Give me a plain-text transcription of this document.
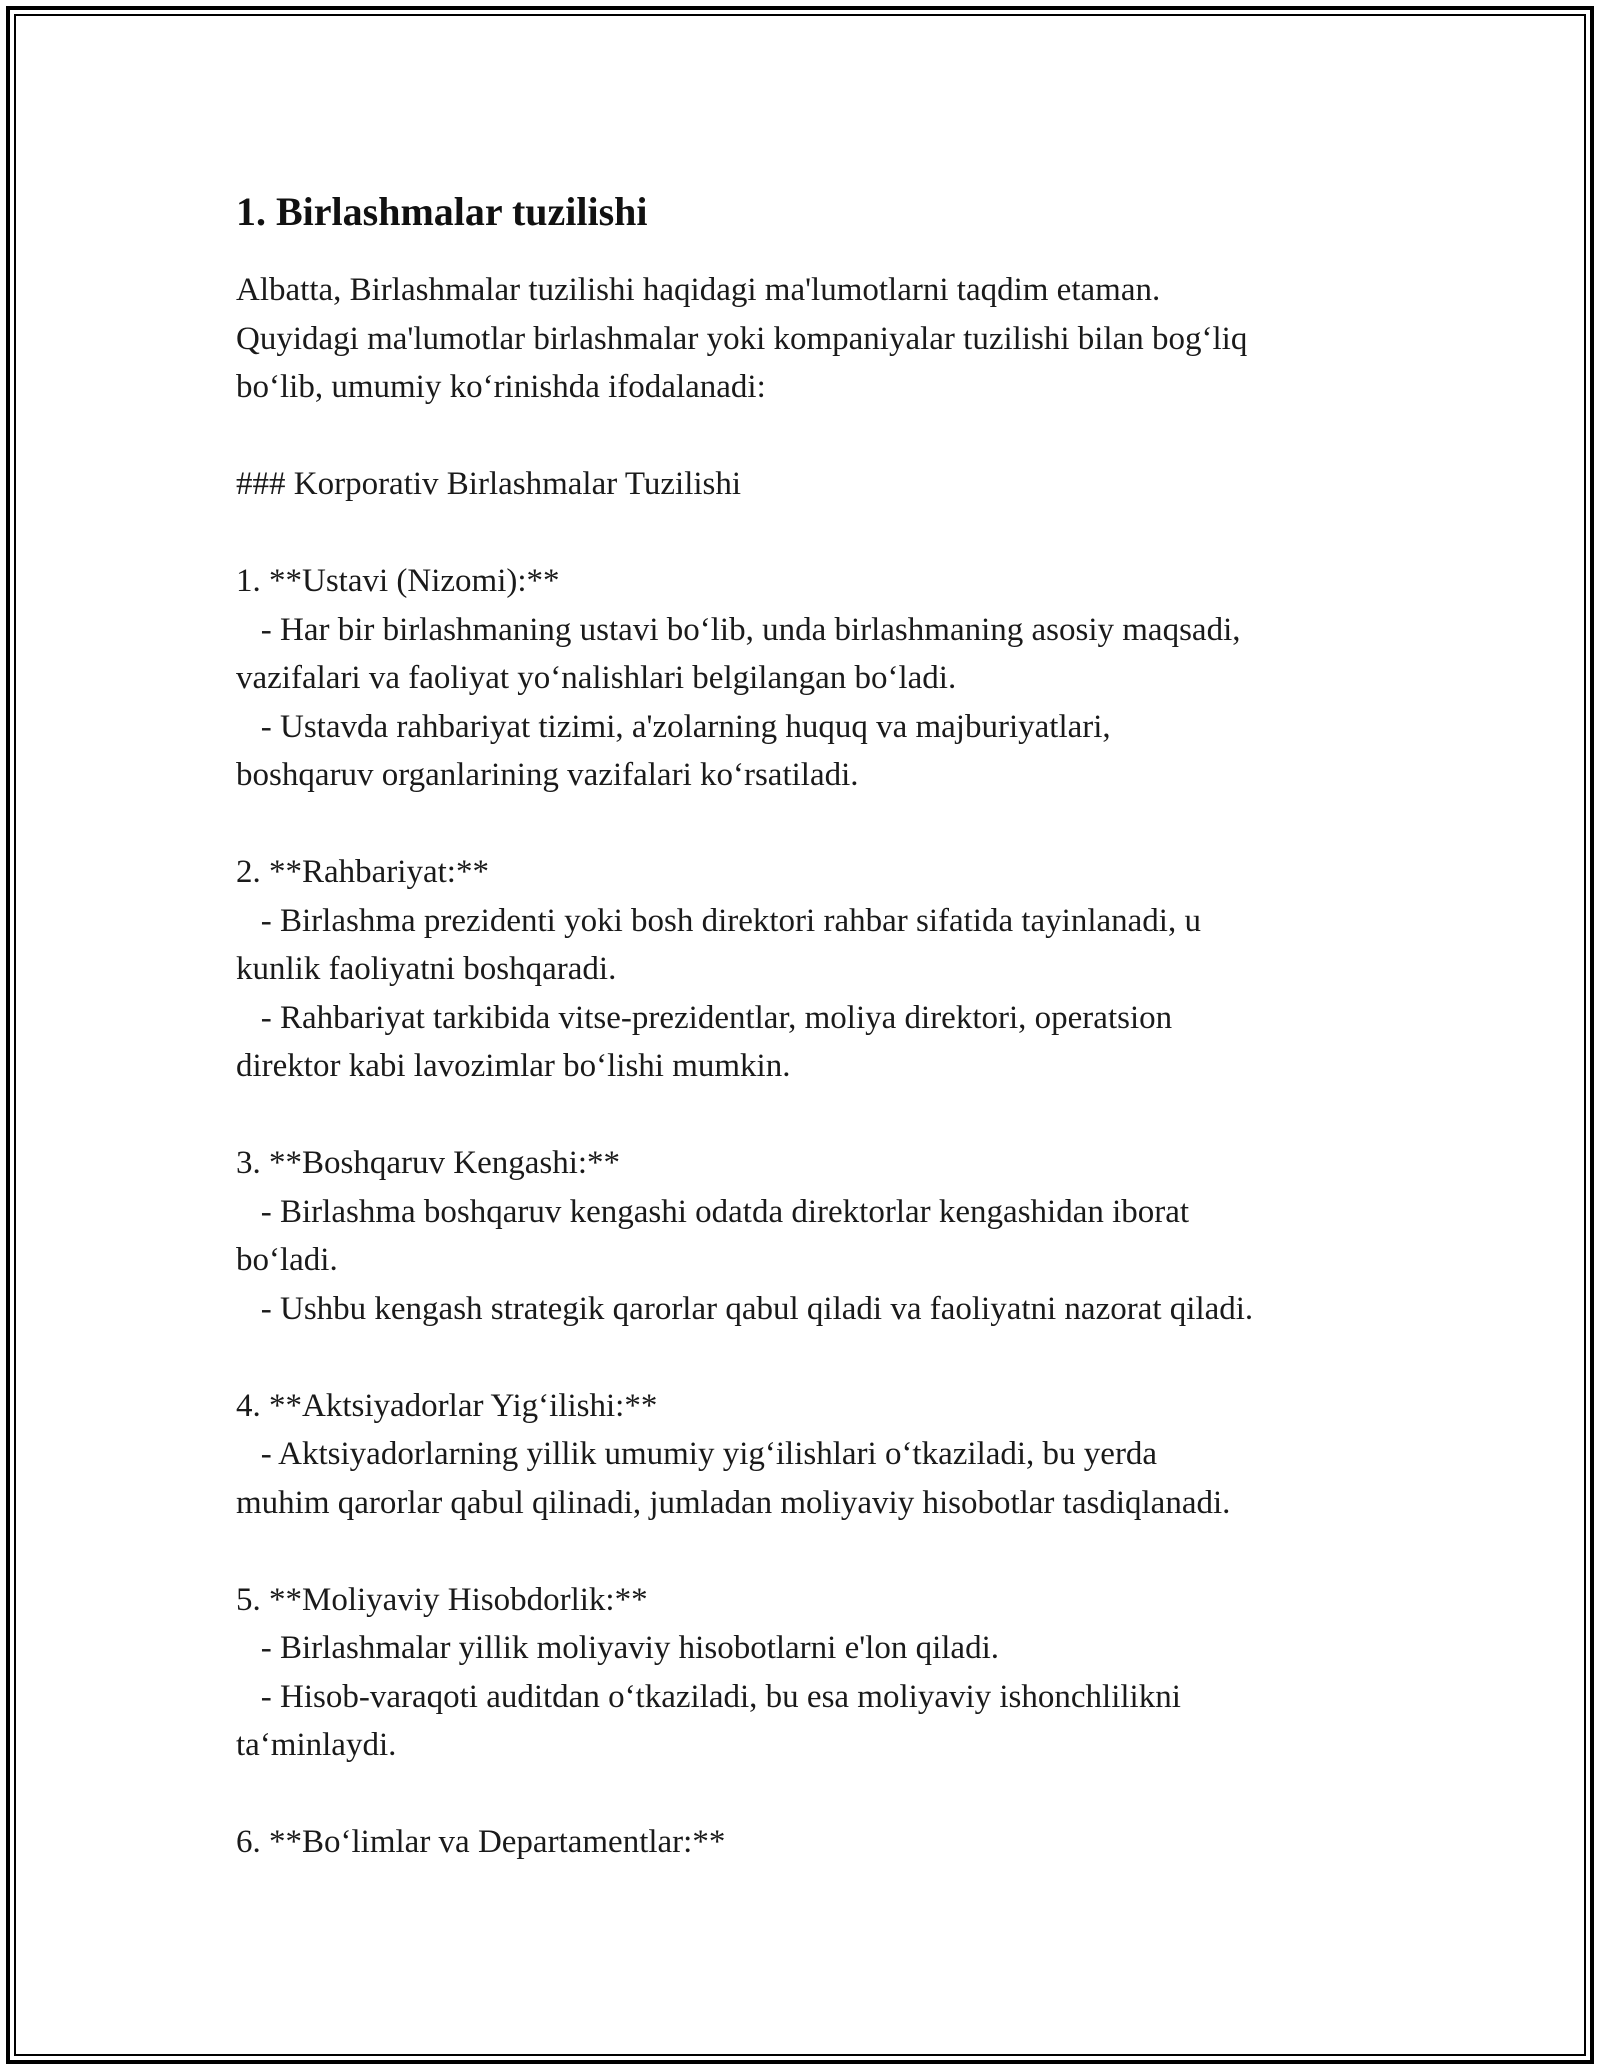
1. Birlashmalar tuzilishi
Albatta, Birlashmalar tuzilishi haqidagi ma'lumotlarni taqdim etaman.
Quyidagi ma'lumotlar birlashmalar yoki kompaniyalar tuzilishi bilan bog‘liq
bo‘lib, umumiy ko‘rinishda ifodalanadi:
### Korporativ Birlashmalar Tuzilishi
1. **Ustavi (Nizomi):**
- Har bir birlashmaning ustavi bo‘lib, unda birlashmaning asosiy maqsadi,
vazifalari va faoliyat yo‘nalishlari belgilangan bo‘ladi.
- Ustavda rahbariyat tizimi, a'zolarning huquq va majburiyatlari,
boshqaruv organlarining vazifalari ko‘rsatiladi.
2. **Rahbariyat:**
- Birlashma prezidenti yoki bosh direktori rahbar sifatida tayinlanadi, u
kunlik faoliyatni boshqaradi.
- Rahbariyat tarkibida vitse-prezidentlar, moliya direktori, operatsion
direktor kabi lavozimlar bo‘lishi mumkin.
3. **Boshqaruv Kengashi:**
- Birlashma boshqaruv kengashi odatda direktorlar kengashidan iborat
bo‘ladi.
- Ushbu kengash strategik qarorlar qabul qiladi va faoliyatni nazorat qiladi.
4. **Aktsiyadorlar Yig‘ilishi:**
- Aktsiyadorlarning yillik umumiy yig‘ilishlari o‘tkaziladi, bu yerda
muhim qarorlar qabul qilinadi, jumladan moliyaviy hisobotlar tasdiqlanadi.
5. **Moliyaviy Hisobdorlik:**
- Birlashmalar yillik moliyaviy hisobotlarni e'lon qiladi.
- Hisob-varaqoti auditdan o‘tkaziladi, bu esa moliyaviy ishonchlilikni
ta‘minlaydi.
6. **Bo‘limlar va Departamentlar:**
